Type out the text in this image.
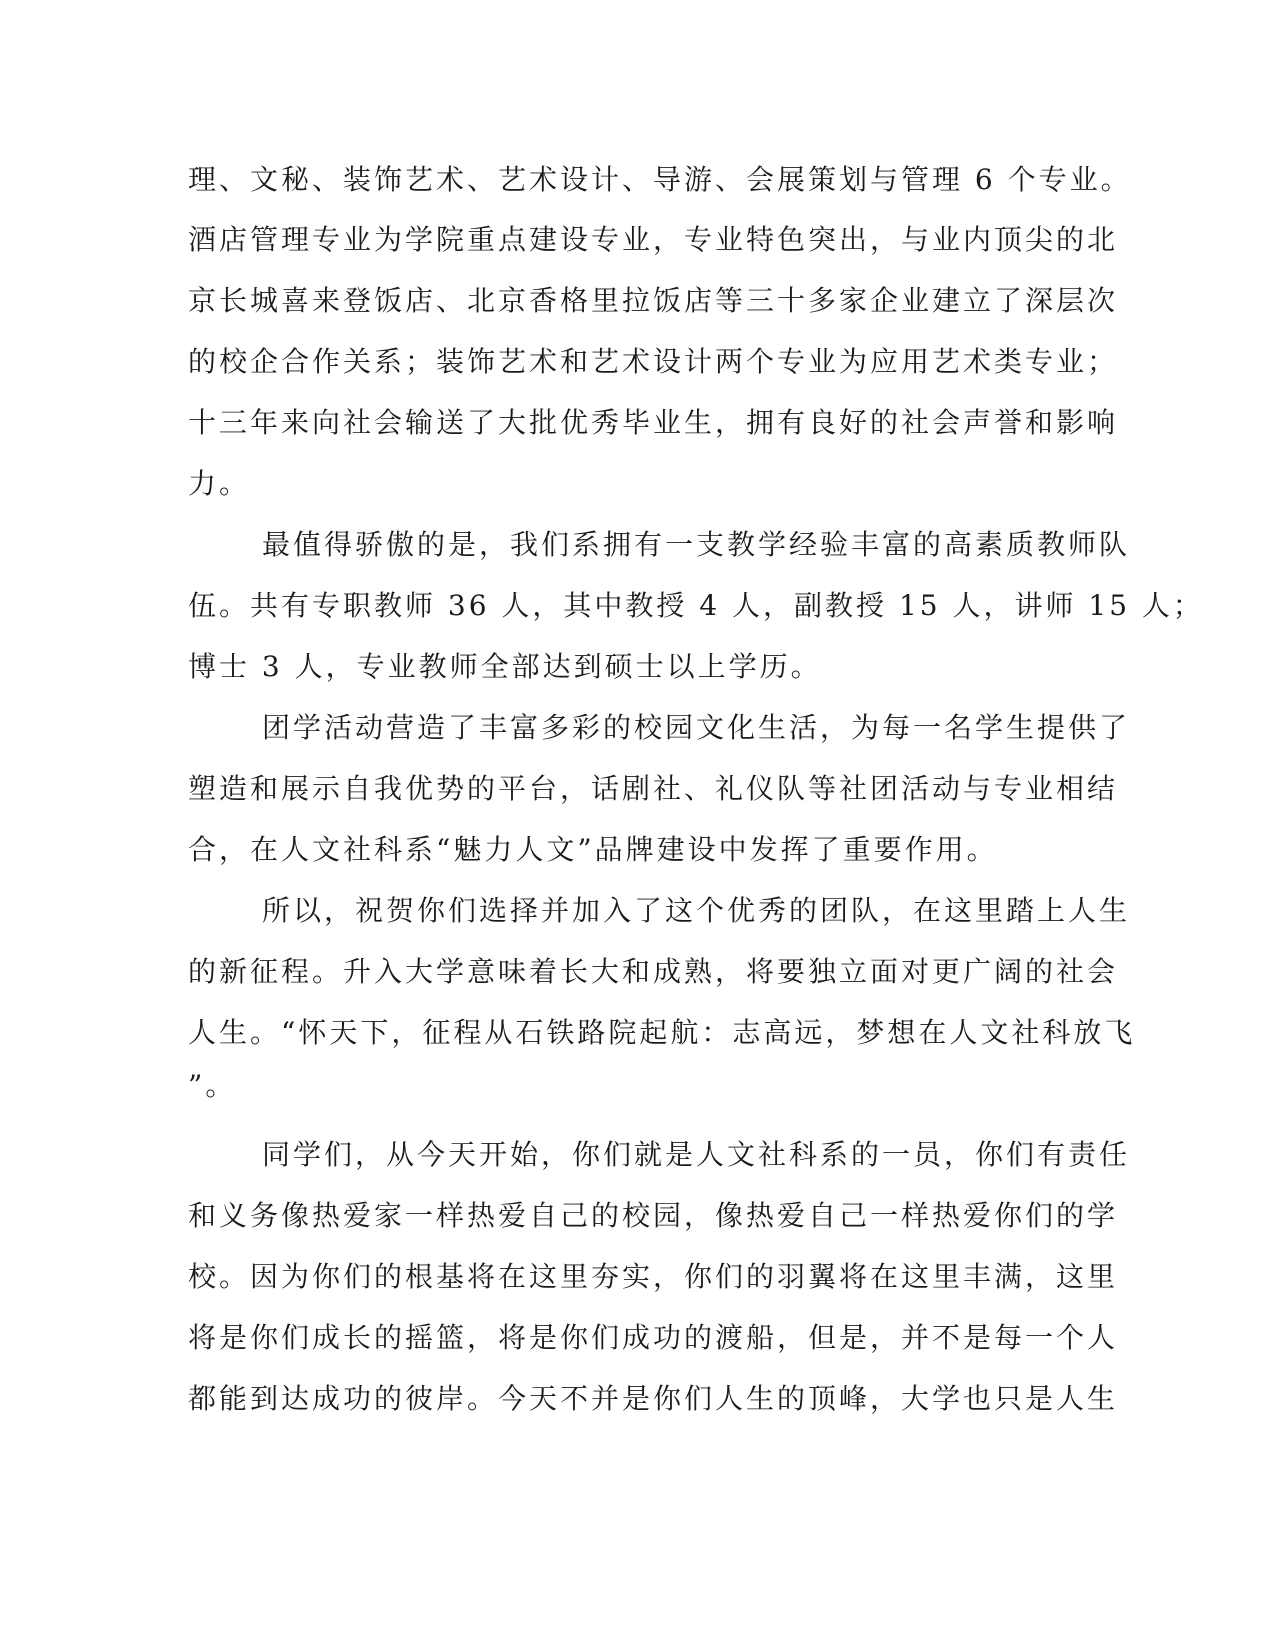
理、文秘、装饰艺术、艺术设计、导游、会展策划与管理 6 个专业。
酒店管理专业为学院重点建设专业，专业特色突出，与业内顶尖的北
京长城喜来登饭店、北京香格里拉饭店等三十多家企业建立了深层次
的校企合作关系；装饰艺术和艺术设计两个专业为应用艺术类专业；
十三年来向社会输送了大批优秀毕业生，拥有良好的社会声誉和影响
力。
最值得骄傲的是，我们系拥有一支教学经验丰富的高素质教师队
伍。共有专职教师 36 人，其中教授 4 人，副教授 15 人，讲师 15 人；
博士 3 人，专业教师全部达到硕士以上学历。
团学活动营造了丰富多彩的校园文化生活，为每一名学生提供了
塑造和展示自我优势的平台，话剧社、礼仪队等社团活动与专业相结
合，在人文社科系“魅力人文”品牌建设中发挥了重要作用。
所以，祝贺你们选择并加入了这个优秀的团队，在这里踏上人生
的新征程。升入大学意味着长大和成熟，将要独立面对更广阔的社会
人生。“怀天下，征程从石铁路院起航：志高远，梦想在人文社科放飞
”。
同学们，从今天开始，你们就是人文社科系的一员，你们有责任
和义务像热爱家一样热爱自己的校园，像热爱自己一样热爱你们的学
校。因为你们的根基将在这里夯实，你们的羽翼将在这里丰满，这里
将是你们成长的摇篮，将是你们成功的渡船，但是，并不是每一个人
都能到达成功的彼岸。今天不并是你们人生的顶峰，大学也只是人生
